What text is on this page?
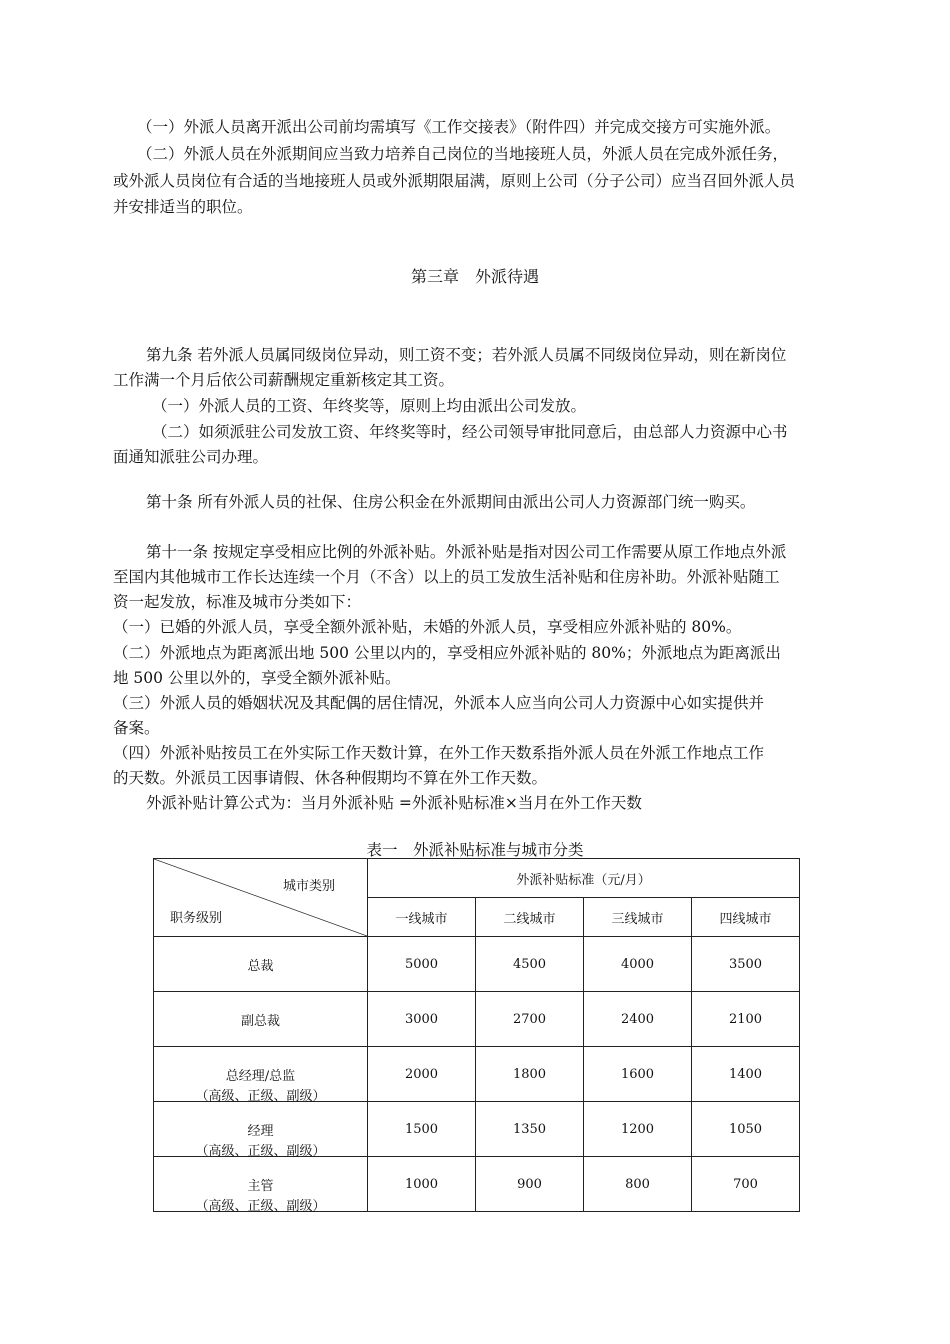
（一）外派人员离开派出公司前均需填写《工作交接表》（附件四）并完成交接方可实施外派。
（二）外派人员在外派期间应当致力培养自己岗位的当地接班人员，外派人员在完成外派任务，
或外派人员岗位有合适的当地接班人员或外派期限届满，原则上公司（分子公司）应当召回外派人员
并安排适当的职位。
第三章　外派待遇
第九条 若外派人员属同级岗位异动，则工资不变；若外派人员属不同级岗位异动，则在新岗位
工作满一个月后依公司薪酬规定重新核定其工资。
（一）外派人员的工资、年终奖等，原则上均由派出公司发放。
（二）如须派驻公司发放工资、年终奖等时，经公司领导审批同意后，由总部人力资源中心书
面通知派驻公司办理。
第十条 所有外派人员的社保、住房公积金在外派期间由派出公司人力资源部门统一购买。
第十一条 按规定享受相应比例的外派补贴。外派补贴是指对因公司工作需要从原工作地点外派
至国内其他城市工作长达连续一个月（不含）以上的员工发放生活补贴和住房补助。外派补贴随工
资一起发放，标准及城市分类如下：
（一）已婚的外派人员，享受全额外派补贴，未婚的外派人员，享受相应外派补贴的 80%。
（二）外派地点为距离派出地 500 公里以内的，享受相应外派补贴的 80%；外派地点为距离派出
地 500 公里以外的，享受全额外派补贴。
（三）外派人员的婚姻状况及其配偶的居住情况，外派本人应当向公司人力资源中心如实提供并
备案。
（四）外派补贴按员工在外实际工作天数计算，在外工作天数系指外派人员在外派工作地点工作
的天数。外派员工因事请假、休各种假期均不算在外工作天数。
外派补贴计算公式为：当月外派补贴 =外派补贴标准×当月在外工作天数
表一　外派补贴标准与城市分类
城市类别
职务级别	外派补贴标准（元/月）			
	一线城市	二线城市	三线城市	四线城市
总裁	5000	4500	4000	3500
副总裁	3000	2700	2400	2100

总经理/总监
（高级、正级、副级）	2000	1800	1600	1400

经理
（高级、正级、副级）	1500	1350	1200	1050

主管
（高级、正级、副级）	1000	900	800	700
